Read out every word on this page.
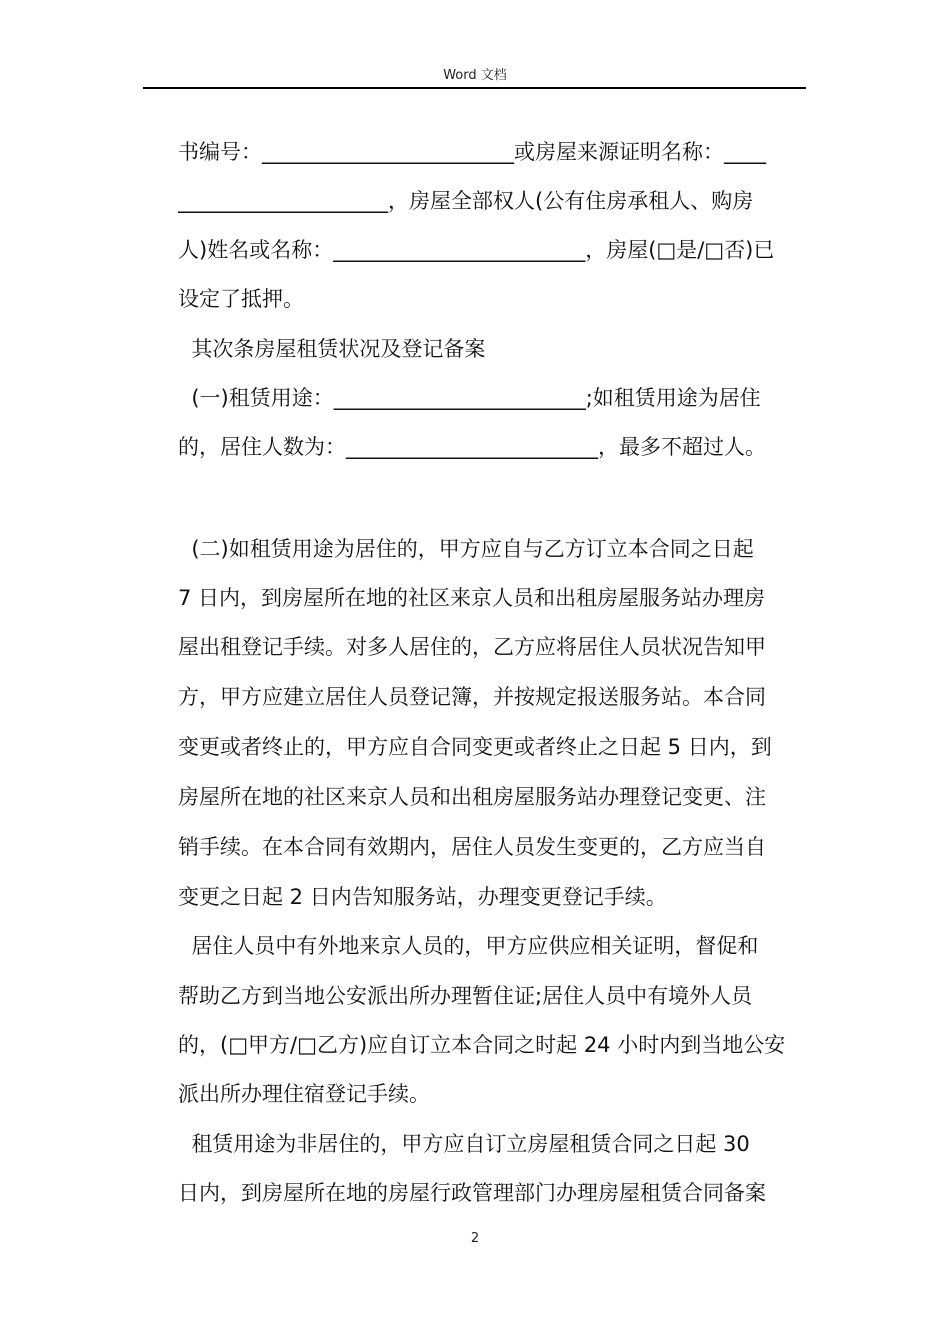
Word 文档
书编号：________________________或房屋来源证明名称：____
____________________，房屋全部权人(公有住房承租人、购房
人)姓名或名称：________________________，房屋(□是/□否)已
设定了抵押。
其次条房屋租赁状况及登记备案
(一)租赁用途：________________________;如租赁用途为居住
的，居住人数为：________________________，最多不超过人。
(二)如租赁用途为居住的，甲方应自与乙方订立本合同之日起
7 日内，到房屋所在地的社区来京人员和出租房屋服务站办理房
屋出租登记手续。对多人居住的，乙方应将居住人员状况告知甲
方，甲方应建立居住人员登记簿，并按规定报送服务站。本合同
变更或者终止的，甲方应自合同变更或者终止之日起 5 日内，到
房屋所在地的社区来京人员和出租房屋服务站办理登记变更、注
销手续。在本合同有效期内，居住人员发生变更的，乙方应当自
变更之日起 2 日内告知服务站，办理变更登记手续。
居住人员中有外地来京人员的，甲方应供应相关证明，督促和
帮助乙方到当地公安派出所办理暂住证;居住人员中有境外人员
的，(□甲方/□乙方)应自订立本合同之时起 24 小时内到当地公安
派出所办理住宿登记手续。
租赁用途为非居住的，甲方应自订立房屋租赁合同之日起 30
日内，到房屋所在地的房屋行政管理部门办理房屋租赁合同备案
2
